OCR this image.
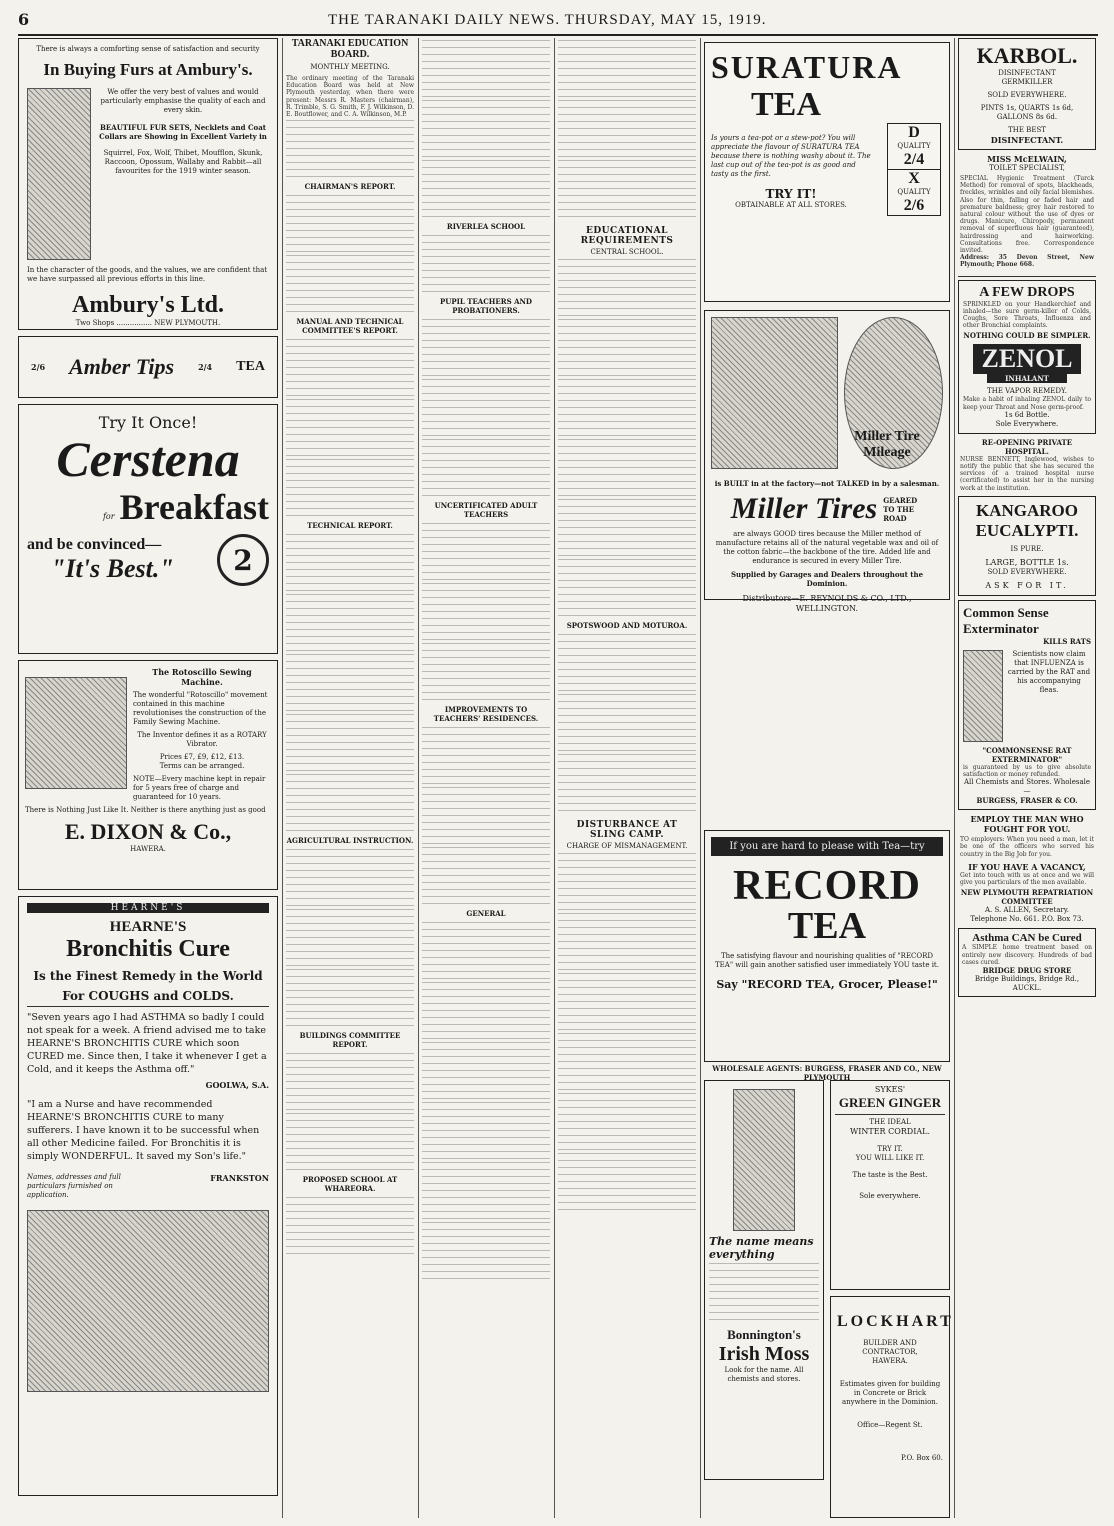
6	THE TARANAKI DAILY NEWS. THURSDAY, MAY 15, 1919.
There is always a comforting sense of satisfaction and security
In Buying Furs at Ambury's.
We offer the very best of values and would particularly emphasise the quality of each and every skin.
BEAUTIFUL FUR SETS, Necklets and Coat Collars are Showing in Excellent Variety in
Squirrel, Fox, Wolf, Thibet, Moufflon, Skunk, Raccoon, Opossum, Wallaby and Rabbit—all favourites for the 1919 winter season.
In the character of the goods, and the values, we are confident that we have surpassed all previous efforts in this line.
Ambury's Ltd.
Two Shops ................ NEW PLYMOUTH.
2/6 Amber Tips	2/4 TEA
Try It Once!
Cerstena
for Breakfast
and be convinced—
"It's Best."	2
The Rotoscillo Sewing Machine.
The wonderful "Rotoscillo" movement contained in this machine revolutionises the construction of the Family Sewing Machine.
The Inventor defines it as a ROTARY Vibrator.
Prices £7, £9, £12, £13.
Terms can be arranged.
NOTE—Every machine kept in repair for 5 years free of charge and guaranteed for 10 years.
There is Nothing Just Like It. Neither is there anything just as good
E. DIXON & Co.,
HAWERA.
HEARNE'S
HEARNE'S
Bronchitis Cure
Is the Finest Remedy in the World
For COUGHS and COLDS.
"Seven years ago I had ASTHMA so badly I could not speak for a week. A friend advised me to take HEARNE'S BRONCHITIS CURE which soon CURED me. Since then, I take it whenever I get a Cold, and it keeps the Asthma off."
GOOLWA, S.A.
"I am a Nurse and have recommended HEARNE'S BRONCHITIS CURE to many sufferers. I have known it to be successful when all other Medicine failed. For Bronchitis it is simply WONDERFUL. It saved my Son's life."
Names, addresses and full particulars furnished on application.
FRANKSTON
TARANAKI EDUCATION BOARD.
MONTHLY MEETING.
The ordinary meeting of the Taranaki Education Board was held at New Plymouth yesterday, when there were present: Messrs R. Masters (chairman), R. Trimble, S. G. Smith, F. J. Wilkinson, D. E. Boutflower, and C. A. Wilkinson, M.P.
CHAIRMAN'S REPORT.
MANUAL AND TECHNICAL COMMITTEE'S REPORT.
TECHNICAL REPORT.
AGRICULTURAL INSTRUCTION.
BUILDINGS COMMITTEE REPORT.
PROPOSED SCHOOL AT WHAREORA.
RIVERLEA SCHOOL
PUPIL TEACHERS AND PROBATIONERS.
UNCERTIFICATED ADULT TEACHERS
IMPROVEMENTS TO TEACHERS' RESIDENCES.
GENERAL
EDUCATIONAL REQUIREMENTS
CENTRAL SCHOOL.
SPOTSWOOD AND MOTUROA.
DISTURBANCE AT SLING CAMP.
CHARGE OF MISMANAGEMENT.
SURATURA
TEA
D
QUALITY
2/4
X
QUALITY
2/6
Is yours a tea-pot or a stew-pot? You will appreciate the flavour of SURATURA TEA because there is nothing washy about it. The last cup out of the tea-pot is as good and tasty as the first.
TRY IT!
OBTAINABLE AT ALL STORES.
Miller Tire Mileage
is BUILT in at the factory—not TALKED in by a salesman.
Miller Tires GEARED TO THE ROAD
are always GOOD tires because the Miller method of manufacture retains all of the natural vegetable wax and oil of the cotton fabric—the backbone of the tire. Added life and endurance is secured in every Miller Tire.
Supplied by Garages and Dealers throughout the Dominion.
Distributors—E. REYNOLDS & CO., LTD., WELLINGTON.
If you are hard to please with Tea—try
RECORD
TEA
The satisfying flavour and nourishing qualities of "RECORD TEA" will gain another satisfied user immediately YOU taste it.
Say "RECORD TEA, Grocer, Please!"
WHOLESALE AGENTS: BURGESS, FRASER AND CO., NEW PLYMOUTH
The name means everything
Bonnington's
Irish Moss
Look for the name. All chemists and stores.
SYKES'
GREEN GINGER
THE IDEAL
WINTER CORDIAL.
TRY IT.
YOU WILL LIKE IT.
The taste is the Best.
Sole everywhere.
LOCKHART
BUILDER AND CONTRACTOR,
HAWERA.
Estimates given for building in Concrete or Brick anywhere in the Dominion.
Office—Regent St.
P.O. Box 60.
KARBOL.
DISINFECTANT
GERMKILLER
SOLD EVERYWHERE.
PINTS 1s, QUARTS 1s 6d, GALLONS 8s 6d.
THE BEST
DISINFECTANT.
MISS McELWAIN,
TOILET SPECIALIST,
SPECIAL Hygienic Treatment (Turck Method) for removal of spots, blackheads, freckles, wrinkles and oily facial blemishes. Also for thin, falling or faded hair and premature baldness; grey hair restored to natural colour without the use of dyes or drugs. Manicure, Chiropody, permanent removal of superfluous hair (guaranteed), hairdressing and hairworking. Consultations free. Correspondence invited.
Address: 35 Devon Street, New Plymouth; Phone 668.
A FEW DROPS
SPRINKLED on your Handkerchief and inhaled—the sure germ-killer of Colds, Coughs, Sore Throats, Influenza and other Bronchial complaints.
NOTHING COULD BE SIMPLER.
ZENOL
INHALANT
THE VAPOR REMEDY.
Make a habit of inhaling ZENOL daily to keep your Throat and Nose germ-proof.
1s 6d Bottle.
Sole Everywhere.
RE-OPENING PRIVATE HOSPITAL.
NURSE BENNETT, Inglewood, wishes to notify the public that she has secured the services of a trained hospital nurse (certificated) to assist her in the nursing work at the institution.
KANGAROO
EUCALYPTI.
IS PURE.
LARGE, BOTTLE 1s.
SOLD EVERYWHERE.
ASK FOR IT.
Common Sense
Exterminator
KILLS RATS
Scientists now claim that INFLUENZA is carried by the RAT and his accompanying fleas.
"COMMONSENSE RAT EXTERMINATOR"
is guaranteed by us to give absolute satisfaction or money refunded.
All Chemists and Stores. Wholesale—
BURGESS, FRASER & CO.
EMPLOY THE MAN WHO FOUGHT FOR YOU.
TO employers: When you need a man, let it be one of the officers who served his country in the Big Job for you.
IF YOU HAVE A VACANCY,
Get into touch with us at once and we will give you particulars of the men available.
NEW PLYMOUTH REPATRIATION COMMITTEE
A. S. ALLEN, Secretary.
Telephone No. 661. P.O. Box 73.
Asthma CAN be Cured
A SIMPLE home treatment based on entirely new discovery. Hundreds of bad cases cured.
BRIDGE DRUG STORE
Bridge Buildings, Bridge Rd., AUCKL.
